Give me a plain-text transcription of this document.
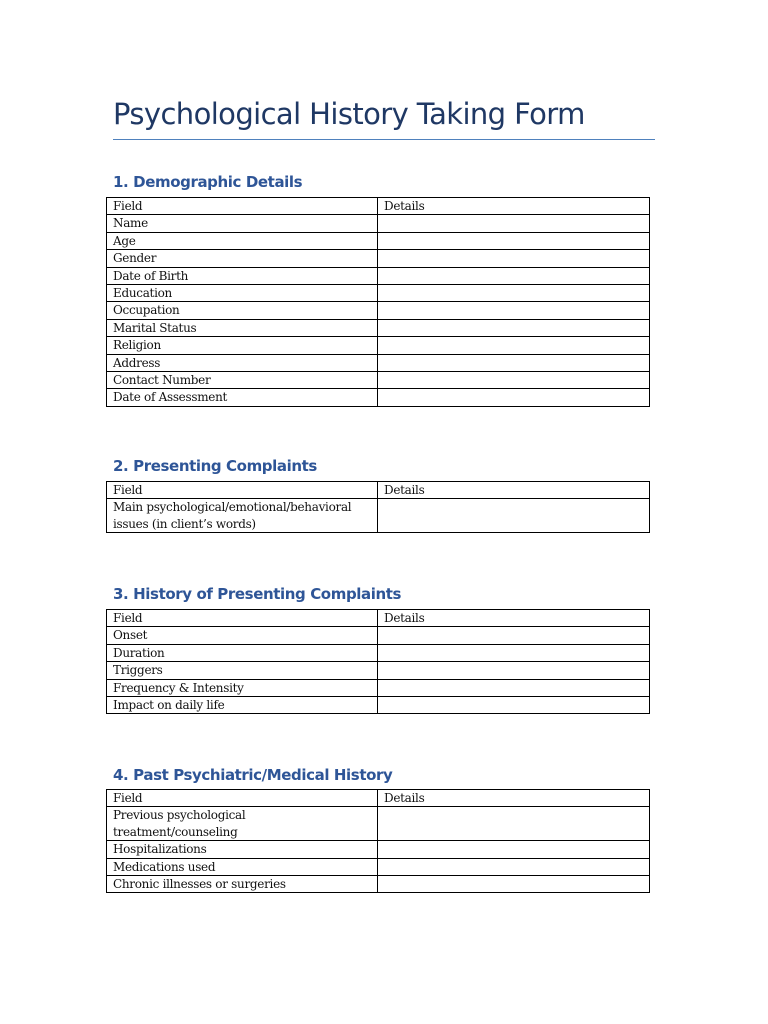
Psychological History Taking Form
1. Demographic Details
Field	Details
Name	
Age	
Gender	
Date of Birth	
Education	
Occupation	
Marital Status	
Religion	
Address	
Contact Number	
Date of Assessment	
2. Presenting Complaints
Field	Details
Main psychological/emotional/behavioral issues (in client’s words)	
3. History of Presenting Complaints
Field	Details
Onset	
Duration	
Triggers	
Frequency & Intensity	
Impact on daily life	
4. Past Psychiatric/Medical History
Field	Details
Previous psychological treatment/counseling	
Hospitalizations	
Medications used	
Chronic illnesses or surgeries	
